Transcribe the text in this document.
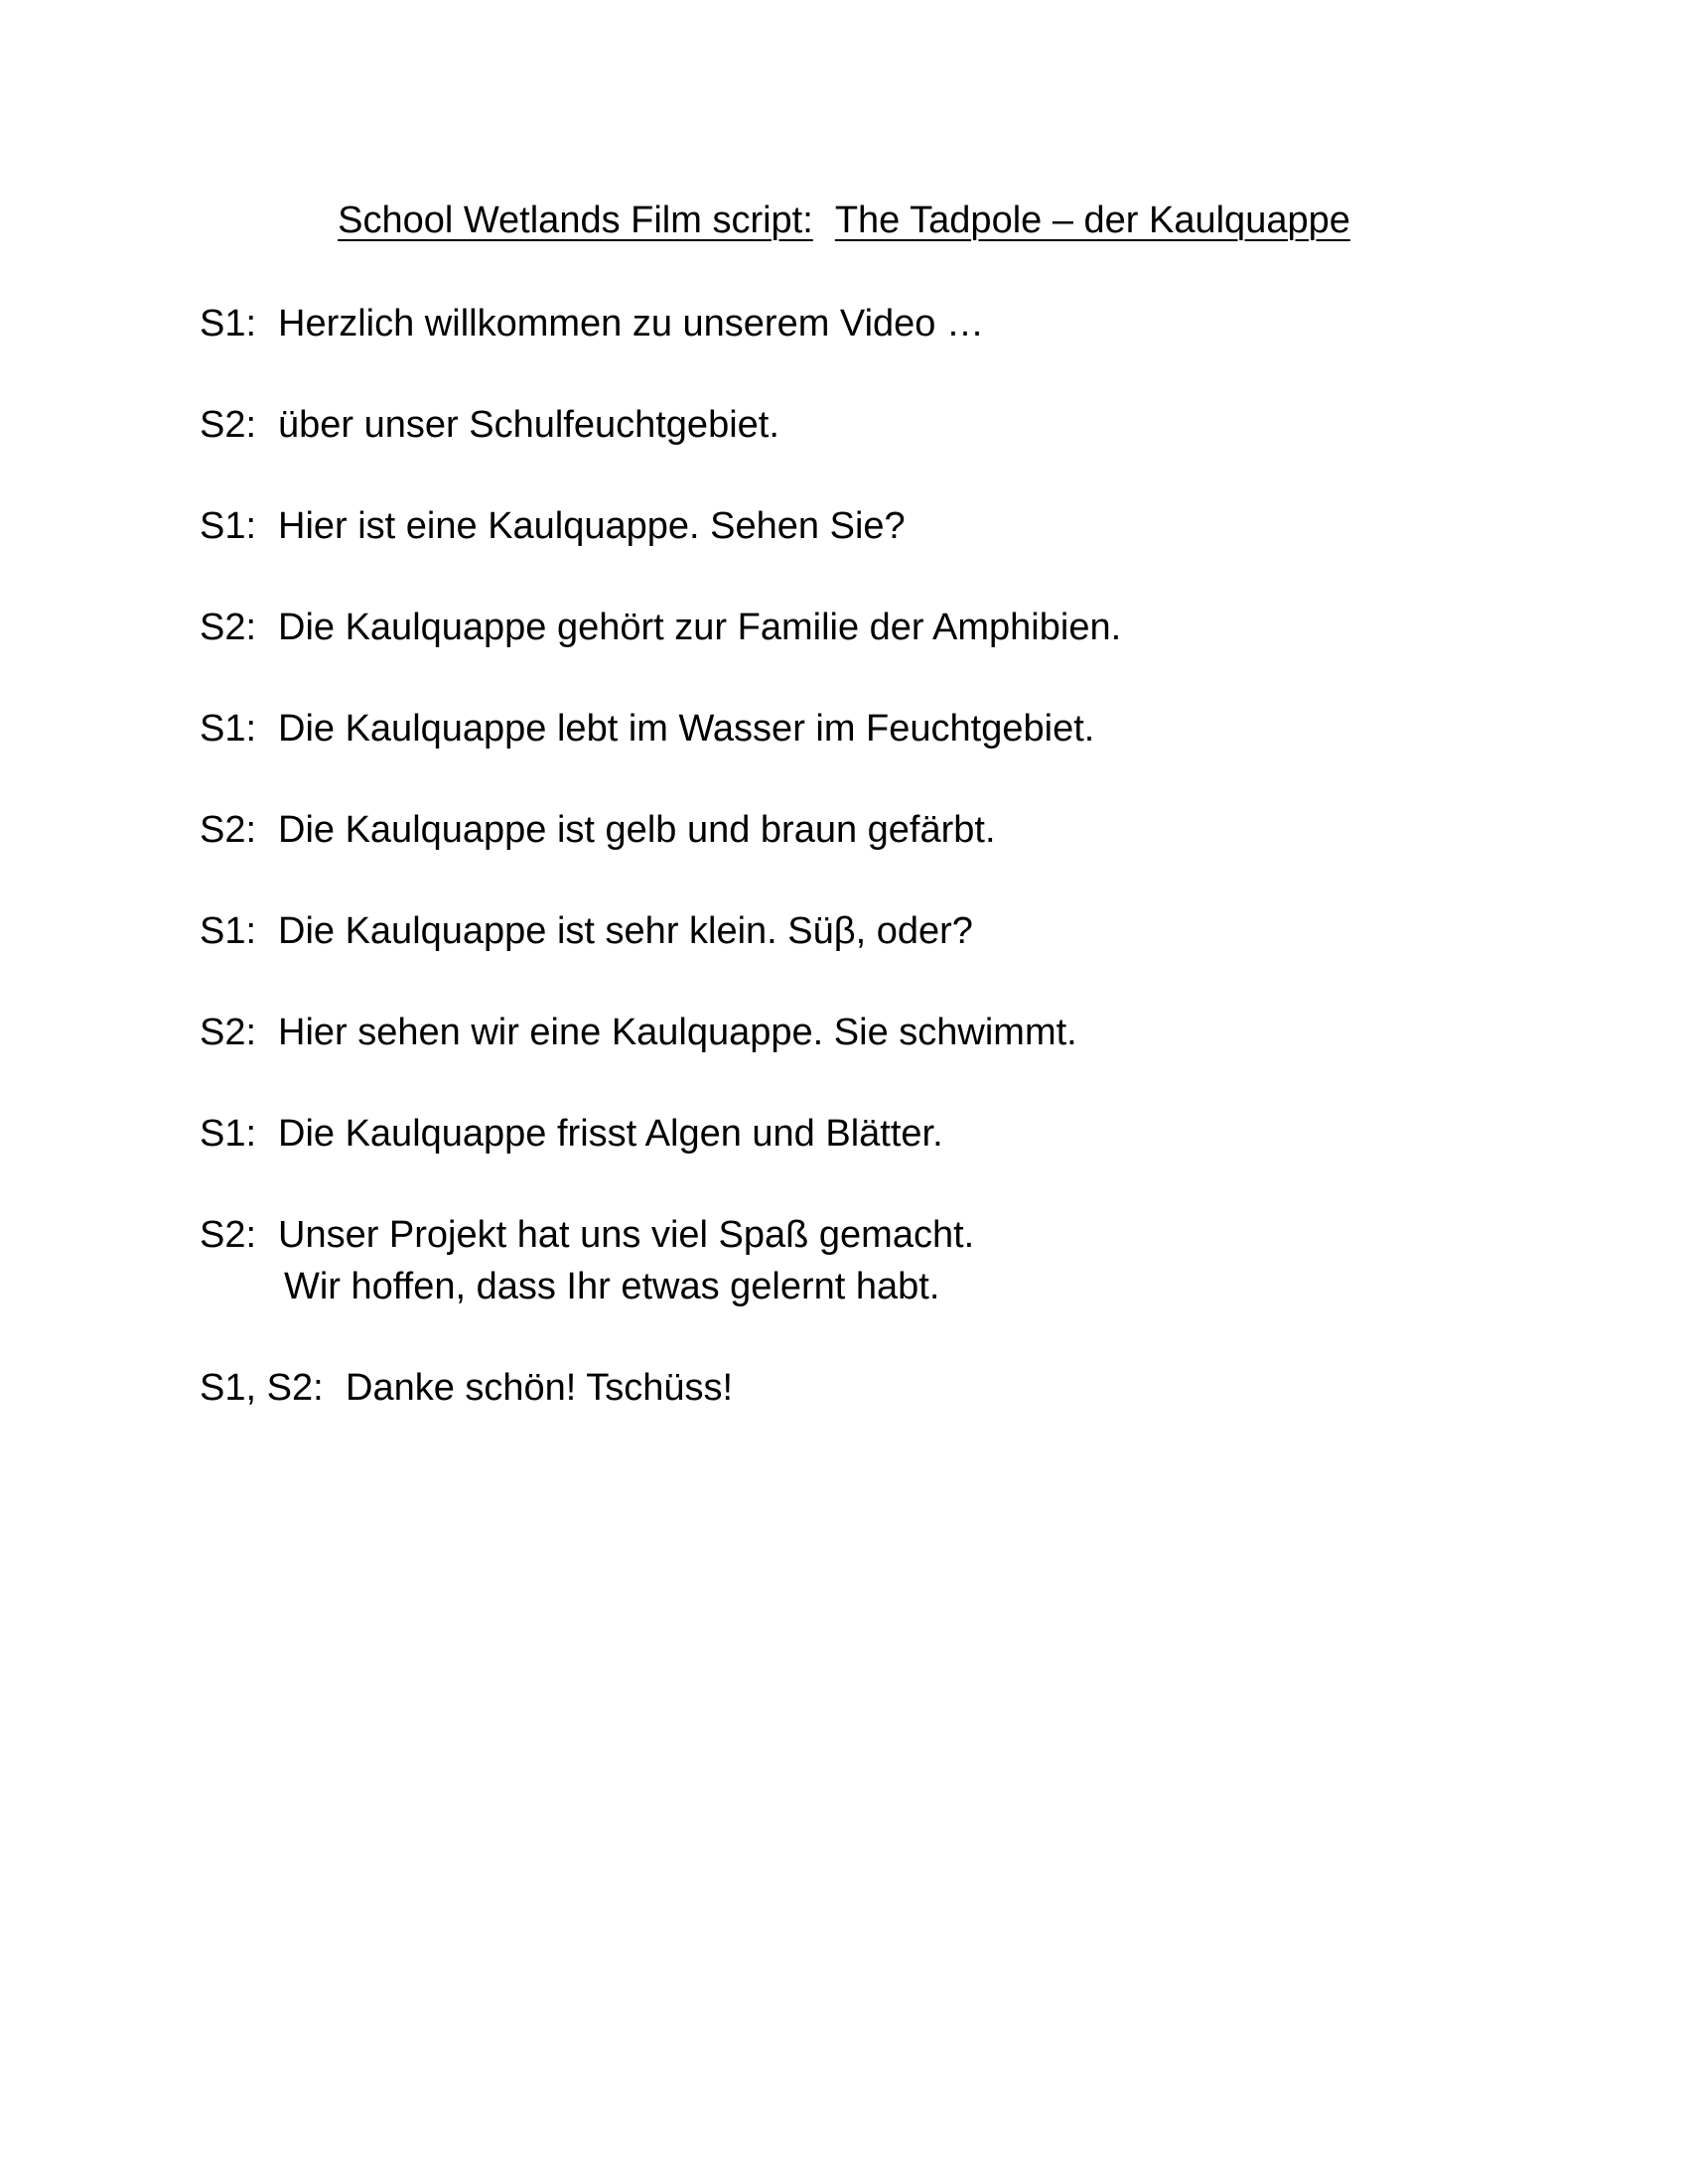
School Wetlands Film script: The Tadpole – der Kaulquappe
S1: Herzlich willkommen zu unserem Video …
S2: über unser Schulfeuchtgebiet.
S1: Hier ist eine Kaulquappe. Sehen Sie?
S2: Die Kaulquappe gehört zur Familie der Amphibien.
S1: Die Kaulquappe lebt im Wasser im Feuchtgebiet.
S2: Die Kaulquappe ist gelb und braun gefärbt.
S1: Die Kaulquappe ist sehr klein. Süβ, oder?
S2: Hier sehen wir eine Kaulquappe. Sie schwimmt.
S1: Die Kaulquappe frisst Algen und Blätter.
S2: Unser Projekt hat uns viel Spaß gemacht.
Wir hoffen, dass Ihr etwas gelernt habt.
S1, S2: Danke schön! Tschüss!
